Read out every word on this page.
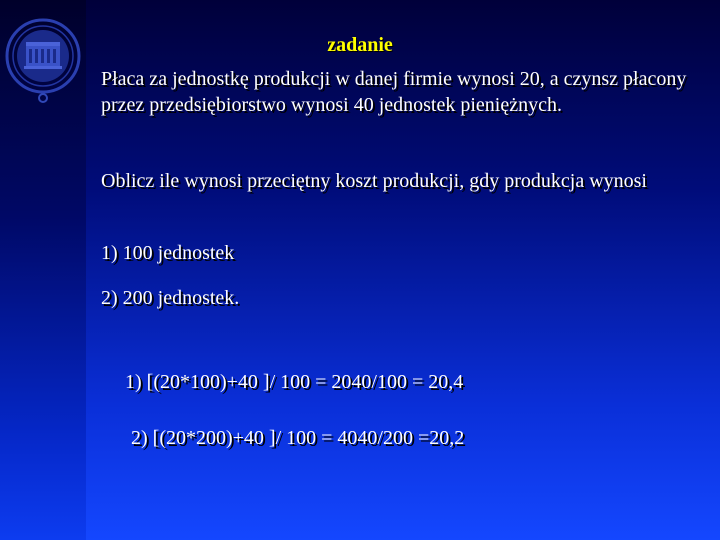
zadanie
Płaca za jednostkę produkcji w danej firmie wynosi 20, a czynsz płacony przez przedsiębiorstwo wynosi 40 jednostek pieniężnych.
Oblicz ile wynosi przeciętny koszt produkcji, gdy produkcja wynosi
1) 100 jednostek
2) 200 jednostek.
1) [(20*100)+40 ]/ 100 = 2040/100 = 20,4
2) [(20*200)+40 ]/ 100 = 4040/200 =20,2
